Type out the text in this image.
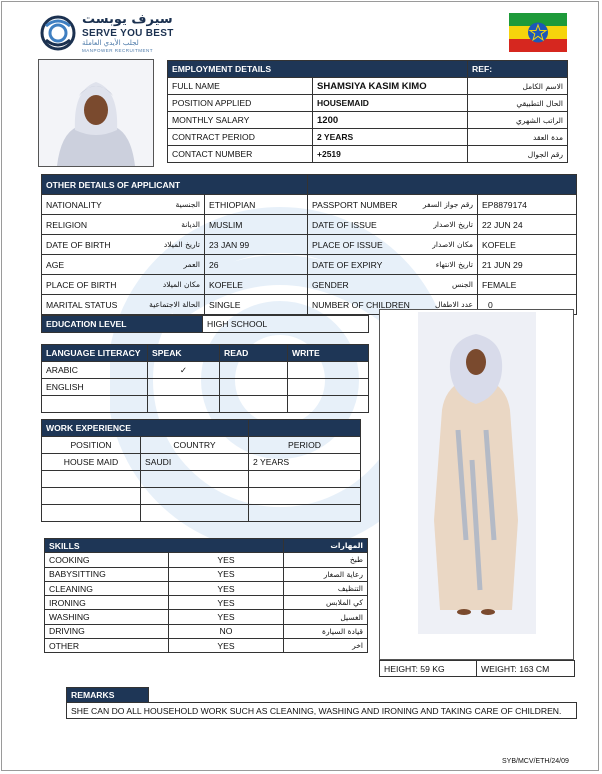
سيرف يوبست
SERVE YOU BEST
لجلب الأيدي العاملة
MANPOWER RECRUITMENT
EMPLOYMENT DETAILS		REF:
FULL NAME	SHAMSIYA KASIM KIMO	الاسم الكامل
POSITION APPLIED	HOUSEMAID	الحال التطبيقي
MONTHLY SALARY	1200	الراتب الشهري
CONTRACT PERIOD	2 YEARS	مدة العقد
CONTACT NUMBER	+2519	رقم الجوال
OTHER DETAILS OF APPLICANT			

NATIONALITY الجنسية	ETHIOPIAN	PASSPORT NUMBER رقم جواز السفر	EP8879174

RELIGION الديانة	MUSLIM	DATE OF ISSUE تاريخ الاصدار	22 JUN 24

DATE OF BIRTH تاريخ الميلاد	23 JAN 99	PLACE OF ISSUE مكان الاصدار	KOFELE

AGE العمر	26	DATE OF EXPIRY تاريخ الانتهاء	21 JUN 29

PLACE OF BIRTH مكان الميلاد	KOFELE	GENDER الجنس	FEMALE

MARITAL STATUS الحالة الاجتماعية	SINGLE	NUMBER OF CHILDREN عدد الاطفال	0
EDUCATION LEVEL	HIGH SCHOOL
LANGUAGE LITERACY	SPEAK	READ	WRITE
ARABIC	✓		
ENGLISH			

WORK EXPERIENCE		
POSITION	COUNTRY	PERIOD
HOUSE MAID	SAUDI	2 YEARS

SKILLS		المهارات
COOKING	YES	طبخ
BABYSITTING	YES	رعاية الصغار
CLEANING	YES	التنظيف
IRONING	YES	كي الملابس
WASHING	YES	الغسيل
DRIVING	NO	قيادة السيارة
OTHER	YES	اخر
HEIGHT: 59 KG	WEIGHT: 163 CM
REMARKS	
SHE CAN DO ALL HOUSEHOLD WORK SUCH AS CLEANING, WASHING AND IRONING AND TAKING CARE OF CHILDREN.
SYB/MCV/ETH/24/09
